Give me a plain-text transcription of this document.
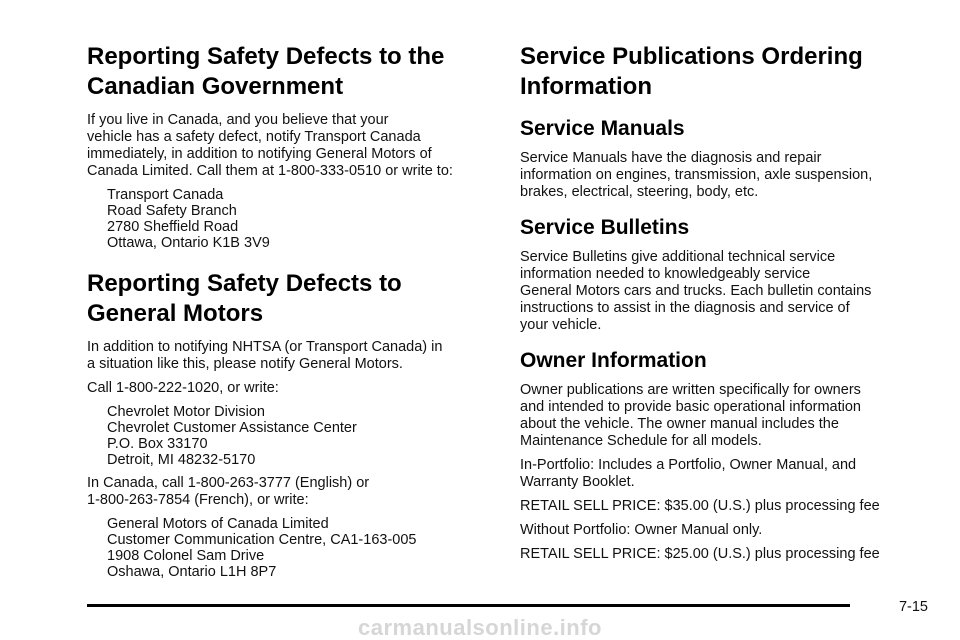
Reporting Safety Defects to the
Canadian Government

If you live in Canada, and you believe that your
vehicle has a safety defect, notify Transport Canada
immediately, in addition to notifying General Motors of
Canada Limited. Call them at 1-800-333-0510 or write to:

Transport Canada
Road Safety Branch
2780 Sheffield Road
Ottawa, Ontario K1B 3V9
Reporting Safety Defects to
General Motors

In addition to notifying NHTSA (or Transport Canada) in
a situation like this, please notify General Motors.

Call 1-800-222-1020, or write:

Chevrolet Motor Division
Chevrolet Customer Assistance Center
P.O. Box 33170
Detroit, MI 48232-5170

In Canada, call 1-800-263-3777 (English) or
1-800-263-7854 (French), or write:

General Motors of Canada Limited
Customer Communication Centre, CA1-163-005
1908 Colonel Sam Drive
Oshawa, Ontario L1H 8P7
Service Publications Ordering
Information
Service Manuals

Service Manuals have the diagnosis and repair
information on engines, transmission, axle suspension,
brakes, electrical, steering, body, etc.

Service Bulletins

Service Bulletins give additional technical service
information needed to knowledgeably service
General Motors cars and trucks. Each bulletin contains
instructions to assist in the diagnosis and service of
your vehicle.

Owner Information

Owner publications are written specifically for owners
and intended to provide basic operational information
about the vehicle. The owner manual includes the
Maintenance Schedule for all models.

In-Portfolio: Includes a Portfolio, Owner Manual, and
Warranty Booklet.

RETAIL SELL PRICE: $35.00 (U.S.) plus processing fee

Without Portfolio: Owner Manual only.

RETAIL SELL PRICE: $25.00 (U.S.) plus processing fee

7-15
carmanualsonline.info
